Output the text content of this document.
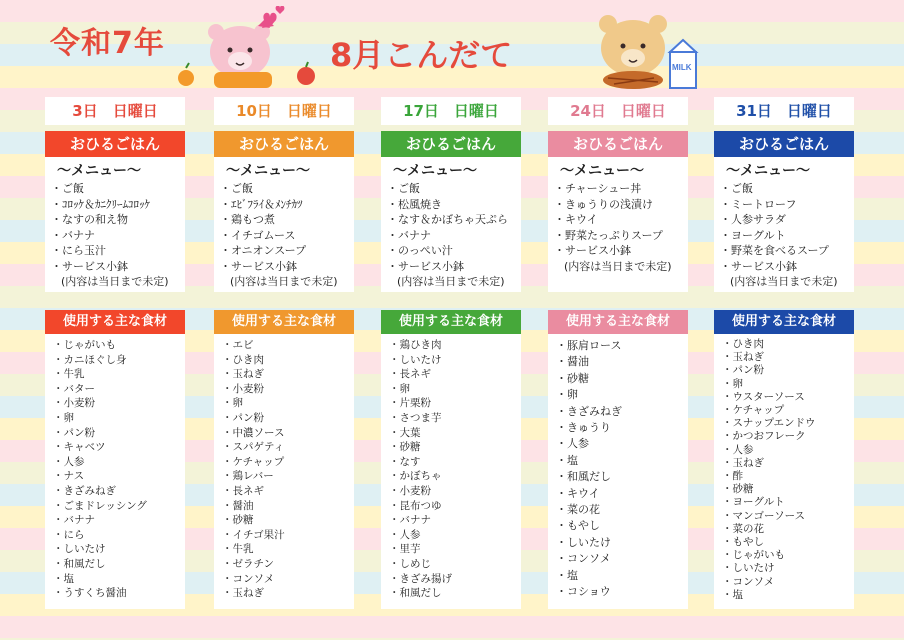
令和7年	8月こんだて	MILK
3日　日曜日
おひるごはん
～メニュー～
・ご飯
・ｺﾛｯｹ＆ｶﾆｸﾘｰﾑｺﾛｯｹ
・なすの和え物
・バナナ
・にら玉汁
・サービス小鉢
(内容は当日まで未定)
使用する主な食材
・じゃがいも
・カニほぐし身
・牛乳
・バター
・小麦粉
・卵
・パン粉
・キャベツ
・人参
・ナス
・きざみねぎ
・ごまドレッシング
・バナナ
・にら
・しいたけ
・和風だし
・塩
・うすくち醤油
10日　日曜日
おひるごはん
～メニュー～
・ご飯
・ｴﾋﾞﾌﾗｲ＆ﾒﾝﾁｶﾂ
・鶏もつ煮
・イチゴムース
・オニオンスープ
・サービス小鉢
(内容は当日まで未定)
使用する主な食材
・エビ
・ひき肉
・玉ねぎ
・小麦粉
・卵
・パン粉
・中濃ソース
・スパゲティ
・ケチャップ
・鶏レバー
・長ネギ
・醤油
・砂糖
・イチゴ果汁
・牛乳
・ゼラチン
・コンソメ
・玉ねぎ
17日　日曜日
おひるごはん
～メニュー～
・ご飯
・松風焼き
・なす＆かぼちゃ天ぷら
・バナナ
・のっぺい汁
・サービス小鉢
(内容は当日まで未定)
使用する主な食材
・鶏ひき肉
・しいたけ
・長ネギ
・卵
・片栗粉
・さつま芋
・大葉
・砂糖
・なす
・かぼちゃ
・小麦粉
・昆布つゆ
・バナナ
・人参
・里芋
・しめじ
・きざみ揚げ
・和風だし
24日　日曜日
おひるごはん
～メニュー～
・チャーシュー丼
・きゅうりの浅漬け
・キウイ
・野菜たっぷりスープ
・サービス小鉢
(内容は当日まで未定)
使用する主な食材
・豚肩ロース
・醤油
・砂糖
・卵
・きざみねぎ
・きゅうり
・人参
・塩
・和風だし
・キウイ
・菜の花
・もやし
・しいたけ
・コンソメ
・塩
・コショウ
31日　日曜日
おひるごはん
～メニュー～
・ご飯
・ミートローフ
・人参サラダ
・ヨーグルト
・野菜を食べるスープ
・サービス小鉢
(内容は当日まで未定)
使用する主な食材
・ひき肉
・玉ねぎ
・パン粉
・卵
・ウスターソース
・ケチャップ
・スナップエンドウ
・かつおフレーク
・人参
・玉ねぎ
・酢
・砂糖
・ヨーグルト
・マンゴーソース
・菜の花
・もやし
・じゃがいも
・しいたけ
・コンソメ
・塩
